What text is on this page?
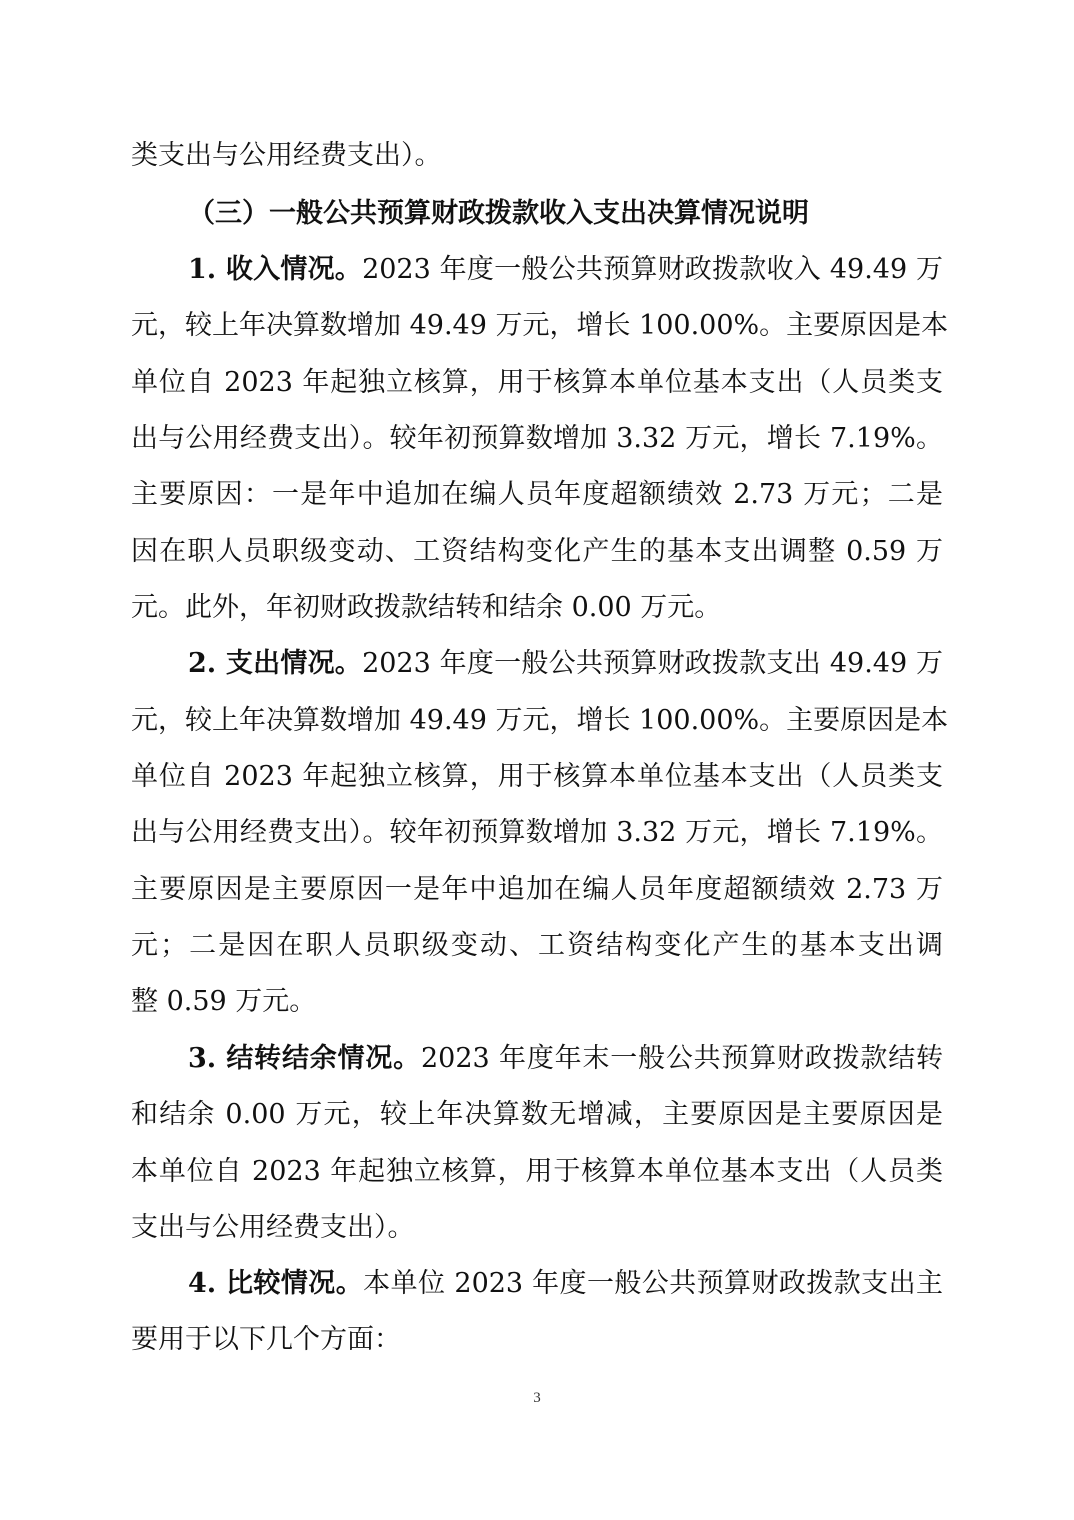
类支出与公用经费支出）。
（三）一般公共预算财政拨款收入支出决算情况说明
1. 收入情况。2023 年度一般公共预算财政拨款收入 49.49 万
元，较上年决算数增加 49.49 万元，增长 100.00%。主要原因是本
单位自 2023 年起独立核算，用于核算本单位基本支出（人员类支
出与公用经费支出）。较年初预算数增加 3.32 万元，增长 7.19%。
主要原因：一是年中追加在编人员年度超额绩效 2.73 万元；二是
因在职人员职级变动、工资结构变化产生的基本支出调整 0.59 万
元。此外，年初财政拨款结转和结余 0.00 万元。
2. 支出情况。2023 年度一般公共预算财政拨款支出 49.49 万
元，较上年决算数增加 49.49 万元，增长 100.00%。主要原因是本
单位自 2023 年起独立核算，用于核算本单位基本支出（人员类支
出与公用经费支出）。较年初预算数增加 3.32 万元，增长 7.19%。
主要原因是主要原因一是年中追加在编人员年度超额绩效 2.73 万
元；二是因在职人员职级变动、工资结构变化产生的基本支出调
整 0.59 万元。
3. 结转结余情况。2023 年度年末一般公共预算财政拨款结转
和结余 0.00 万元，较上年决算数无增减，主要原因是主要原因是
本单位自 2023 年起独立核算，用于核算本单位基本支出（人员类
支出与公用经费支出）。
4. 比较情况。本单位 2023 年度一般公共预算财政拨款支出主
要用于以下几个方面：
3
